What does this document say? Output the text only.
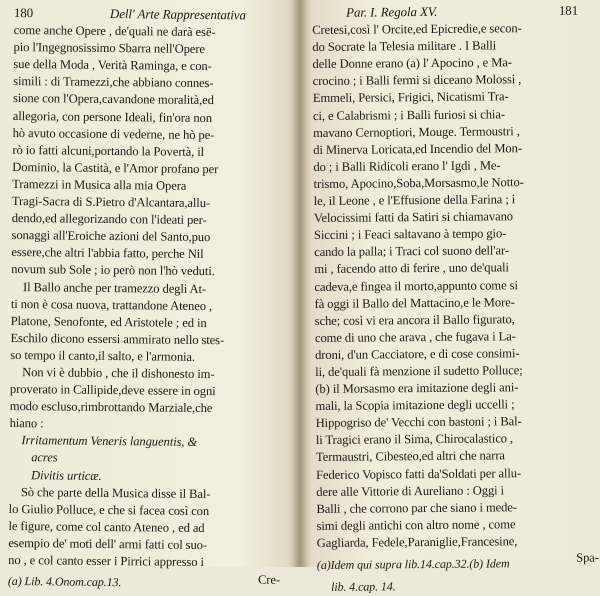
180	Dell' Arte Rappresentativa
come anche Opere , de'quali ne darà esē-
pio l'Ingegnosissimo Sbarra nell'Opere
sue della Moda , Verità Raminga, e con-
simili : di Tramezzi,che abbiano connes-
sione con l'Opera,cavandone moralità,ed
allegoria, con persone Ideali, fin'ora non
hò avuto occasione di vederne, ne hò pe-
rò io fatti alcuni,portando la Povertà, il
Dominio, la Castità, e l'Amor profano per
Tramezzi in Musica alla mia Opera
Tragi-Sacra di S.Pietro d'Alcantara,allu-
dendo,ed allegorizando con l'ideati per-
sonaggi all'Eroiche azioni del Santo,puo
essere,che altri l'abbia fatto, perche Nil
novum sub Sole ; io però non l'hò veduti.
Il Ballo anche per tramezzo degli At-
ti non è cosa nuova, trattandone Ateneo ,
Platone, Senofonte, ed Aristotele ; ed in
Eschilo dicono essersi ammirato nello stes-
so tempo il canto,il salto, e l'armonia.
Non vi è dubbio , che il dishonesto im-
proverato in Callipide,deve essere in ogni
modo escluso,rimbrottando Marziale,che
hiano :
Irritamentum Veneris languentis, &
acres
Divitis urticæ.
Sò che parte della Musica disse il Bal-
lo Giulio Polluce, e che si facea così con
le figure, come col canto Ateneo , ed ad
esempio de' moti dell' armi fatti col suo-
no , e col canto esser i Pirrici appresso i
Cre-
(a) Lib. 4.Onom.cap.13.
Par. I. Regola XV.	181
Cretesi,così l' Orcite,ed Epicredie,e secon-
do Socrate la Telesia militare . I Balli
delle Donne erano (a) l' Apocino , e Ma-
crocino ; i Balli fermi si diceano Molossi ,
Emmeli, Persici, Frigici, Nicatismi Tra-
ci, e Calabrismi ; i Balli furiosi si chia-
mavano Cernoptiori, Mouge. Termoustri ,
di Minerva Loricata,ed Incendio del Mon-
do ; i Balli Ridicoli erano l' Igdi , Me-
trismo, Apocino,Soba,Morsasmo,le Notto-
le, il Leone , e l'Effusione della Farina ; i
Velocissimi fatti da Satiri si chiamavano
Siccini ; i Feaci saltavano à tempo gio-
cando la palla; i Traci col suono dell'ar-
mi , facendo atto di ferire , uno de'quali
cadeva,e fingea il morto,appunto come si
fà oggi il Ballo del Mattacino,e le More-
sche; così vi era ancora il Ballo figurato,
come di uno che arava , che fugava i La-
droni, d'un Cacciatore, e di cose consimi-
li, de'quali fà menzione il sudetto Polluce;
(b) il Morsasmo era imitazione degli ani-
mali, la Scopia imitazione degli uccelli ;
Hippogriso de' Vecchi con bastoni ; i Bal-
li Tragici erano il Sima, Chirocalastico ,
Termaustri, Cibesteo,ed altri che narra
Federico Vopisco fatti da'Soldati per allu-
dere alle Vittorie di Aureliano : Oggi i
Balli , che corrono par che siano i mede-
simi degli antichi con altro nome , come
Gagliarda, Fedele,Paraniglie,Francesine,
Spa-
(a)Idem qui supra lib.14.cap.32.(b) Idem
lib. 4.cap. 14.
